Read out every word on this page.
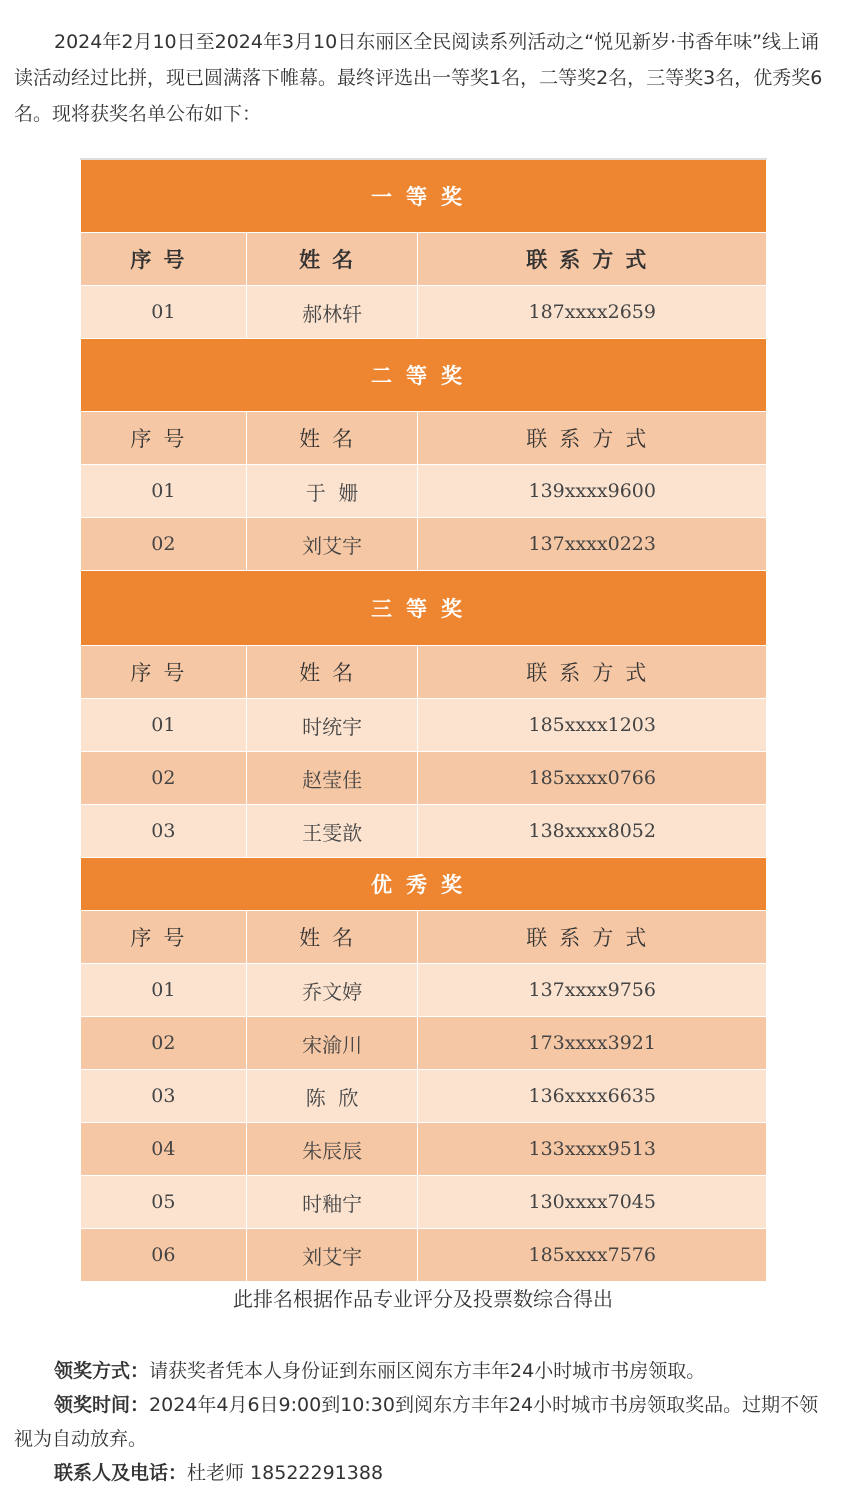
2024年2月10日至2024年3月10日东丽区全民阅读系列活动之“悦见新岁·书香年味”线上诵读活动经过比拼，现已圆满落下帷幕。最终评选出一等奖1名，二等奖2名，三等奖3名，优秀奖6名。现将获奖名单公布如下：

一等奖		
序号	姓名	联系方式
01	郝林轩	187xxxx2659
二等奖		
序号	姓名	联系方式
01	于  姗	139xxxx9600
02	刘艾宇	137xxxx0223
三等奖		
序号	姓名	联系方式
01	时统宇	185xxxx1203
02	赵莹佳	185xxxx0766
03	王雯歆	138xxxx8052
优秀奖		
序号	姓名	联系方式
01	乔文婷	137xxxx9756
02	宋渝川	173xxxx3921
03	陈  欣	136xxxx6635
04	朱辰辰	133xxxx9513
05	时釉宁	130xxxx7045
06	刘艾宇	185xxxx7576

此排名根据作品专业评分及投票数综合得出

领奖方式：请获奖者凭本人身份证到东丽区阅东方丰年24小时城市书房领取。
领奖时间：2024年4月6日9:00到10:30到阅东方丰年24小时城市书房领取奖品。过期不领视为自动放弃。
联系人及电话：杜老师 18522291388
